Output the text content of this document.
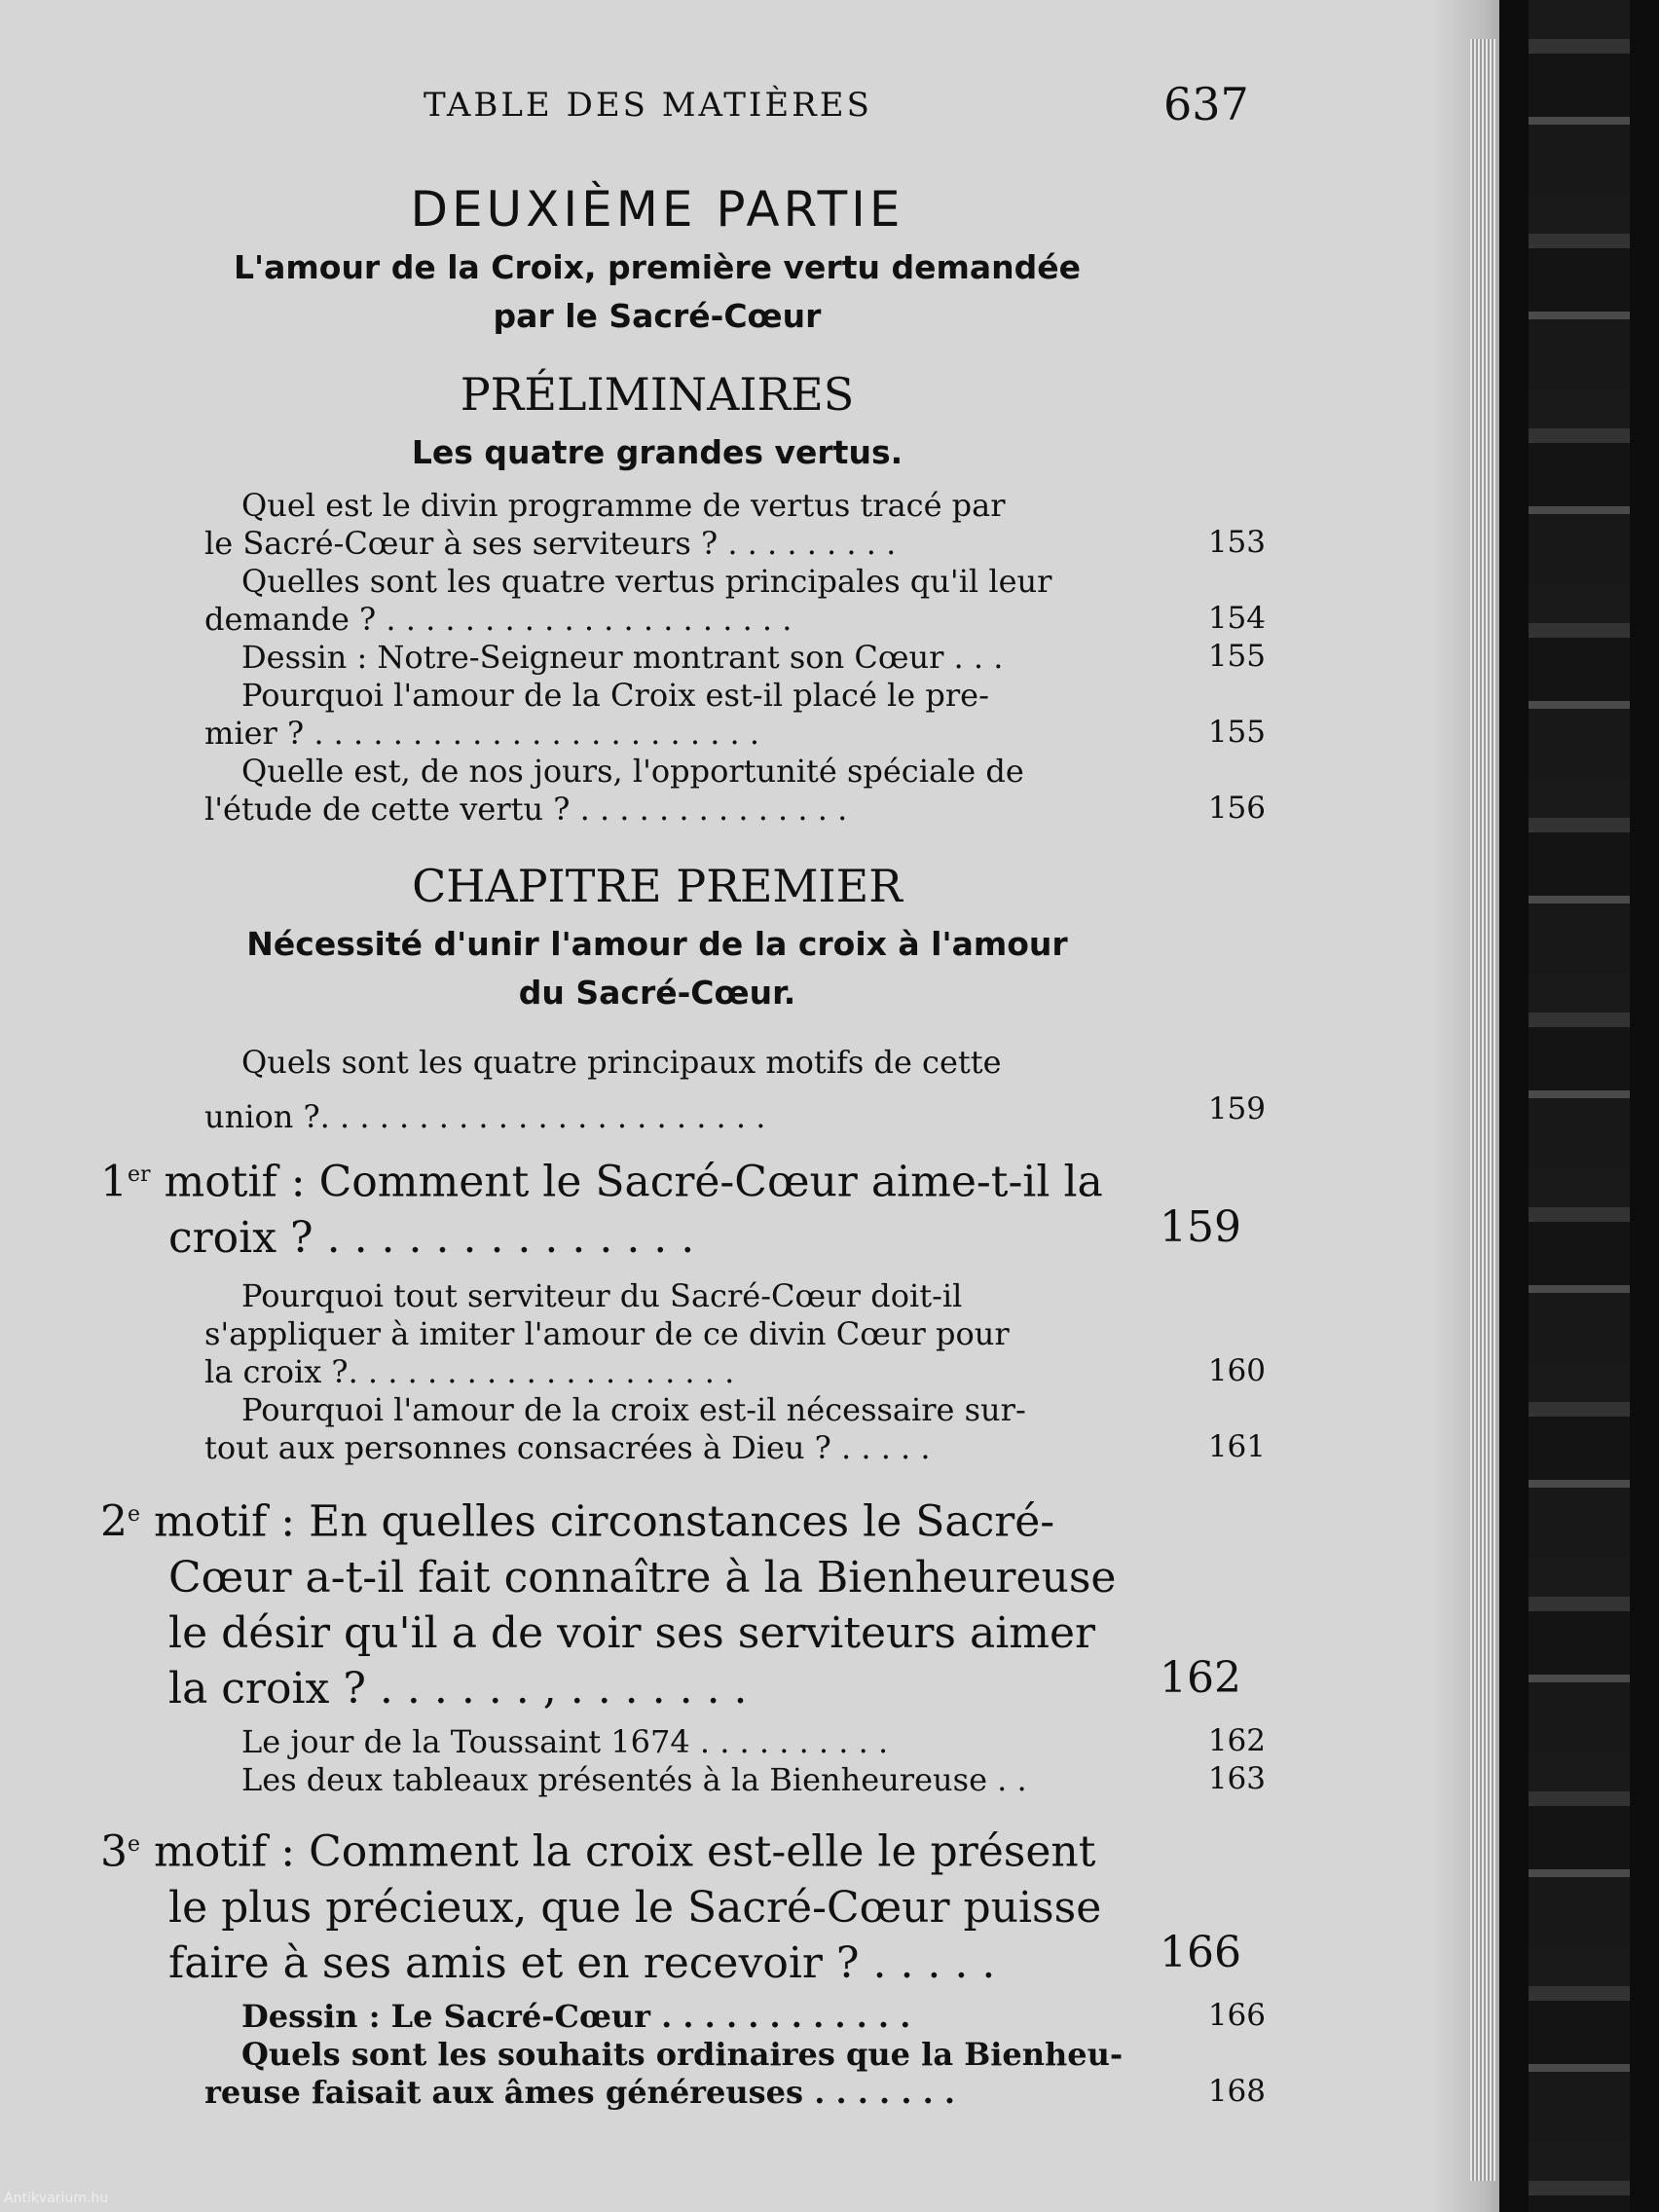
TABLE DES MATIÈRES	637
DEUXIÈME PARTIE
L'amour de la Croix, première vertu demandée
par le Sacré-Cœur
PRÉLIMINAIRES
Les quatre grandes vertus.
Quel est le divin programme de vertus tracé par
le Sacré-Cœur à ses serviteurs ? . . . . . . . . .	153
Quelles sont les quatre vertus principales qu'il leur
demande ? . . . . . . . . . . . . . . . . . . . . .	154
Dessin : Notre-Seigneur montrant son Cœur . . .	155
Pourquoi l'amour de la Croix est-il placé le pre-
mier ? . . . . . . . . . . . . . . . . . . . . . . .	155
Quelle est, de nos jours, l'opportunité spéciale de
l'étude de cette vertu ? . . . . . . . . . . . . . .	156
CHAPITRE PREMIER
Nécessité d'unir l'amour de la croix à l'amour
du Sacré-Cœur.
Quels sont les quatre principaux motifs de cette
union ?. . . . . . . . . . . . . . . . . . . . . . .	159
1er motif : Comment le Sacré-Cœur aime-t-il la
croix ? . . . . . . . . . . . . . .	159
Pourquoi tout serviteur du Sacré-Cœur doit-il
s'appliquer à imiter l'amour de ce divin Cœur pour
la croix ?. . . . . . . . . . . . . . . . . . . .	160
Pourquoi l'amour de la croix est-il nécessaire sur-
tout aux personnes consacrées à Dieu ? . . . . .	161
2e motif : En quelles circonstances le Sacré-
Cœur a-t-il fait connaître à la Bienheureuse
le désir qu'il a de voir ses serviteurs aimer
la croix ? . . . . . . , . . . . . . .	162
Le jour de la Toussaint 1674 . . . . . . . . . .	162
Les deux tableaux présentés à la Bienheureuse . .	163
3e motif : Comment la croix est-elle le présent
le plus précieux, que le Sacré-Cœur puisse
faire à ses amis et en recevoir ? . . . . .	166
Dessin : Le Sacré-Cœur . . . . . . . . . . . .	166
Quels sont les souhaits ordinaires que la Bienheu-
reuse faisait aux âmes généreuses . . . . . . .	168
Antikvarium.hu
